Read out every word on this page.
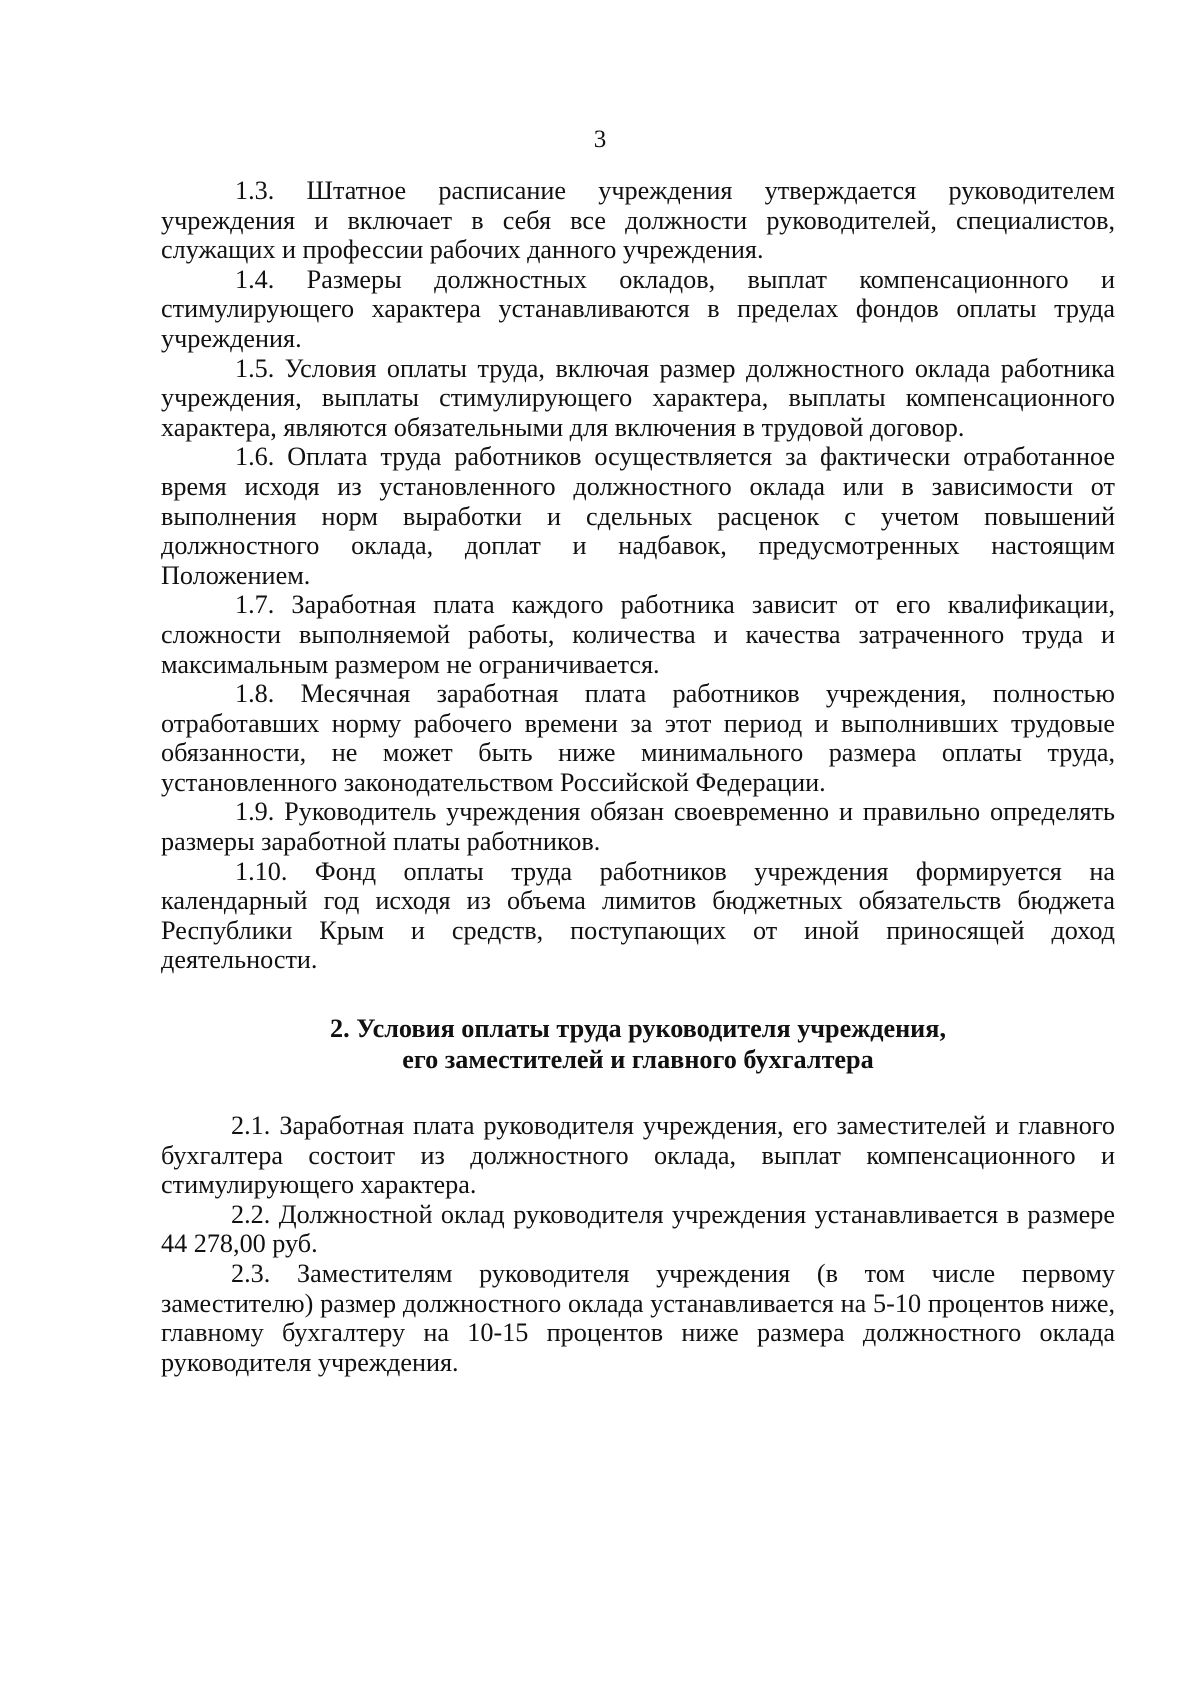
3

1.3. Штатное расписание учреждения утверждается руководителем учреждения и включает в себя все должности руководителей, специалистов, служащих и профессии рабочих данного учреждения.

1.4. Размеры должностных окладов, выплат компенсационного и стимулирующего характера устанавливаются в пределах фондов оплаты труда учреждения.

1.5. Условия оплаты труда, включая размер должностного оклада работника учреждения, выплаты стимулирующего характера, выплаты компенсационного характера, являются обязательными для включения в трудовой договор.

1.6. Оплата труда работников осуществляется за фактически отработанное время исходя из установленного должностного оклада или в зависимости от выполнения норм выработки и сдельных расценок с учетом повышений должностного оклада, доплат и надбавок, предусмотренных настоящим Положением.

1.7. Заработная плата каждого работника зависит от его квалификации, сложности выполняемой работы, количества и качества затраченного труда и максимальным размером не ограничивается.

1.8. Месячная заработная плата работников учреждения, полностью отработавших норму рабочего времени за этот период и выполнивших трудовые обязанности, не может быть ниже минимального размера оплаты труда, установленного законодательством Российской Федерации.

1.9. Руководитель учреждения обязан своевременно и правильно определять размеры заработной платы работников.

1.10. Фонд оплаты труда работников учреждения формируется на календарный год исходя из объема лимитов бюджетных обязательств бюджета Республики Крым и средств, поступающих от иной приносящей доход деятельности.

2. Условия оплаты труда руководителя учреждения,
его заместителей и главного бухгалтера

2.1. Заработная плата руководителя учреждения, его заместителей и главного бухгалтера состоит из должностного оклада, выплат компенсационного и стимулирующего характера.

2.2. Должностной оклад руководителя учреждения устанавливается в размере 44 278,00 руб.

2.3. Заместителям руководителя учреждения (в том числе первому заместителю) размер должностного оклада устанавливается на 5-10 процентов ниже, главному бухгалтеру на 10-15 процентов ниже размера должностного оклада руководителя учреждения.
